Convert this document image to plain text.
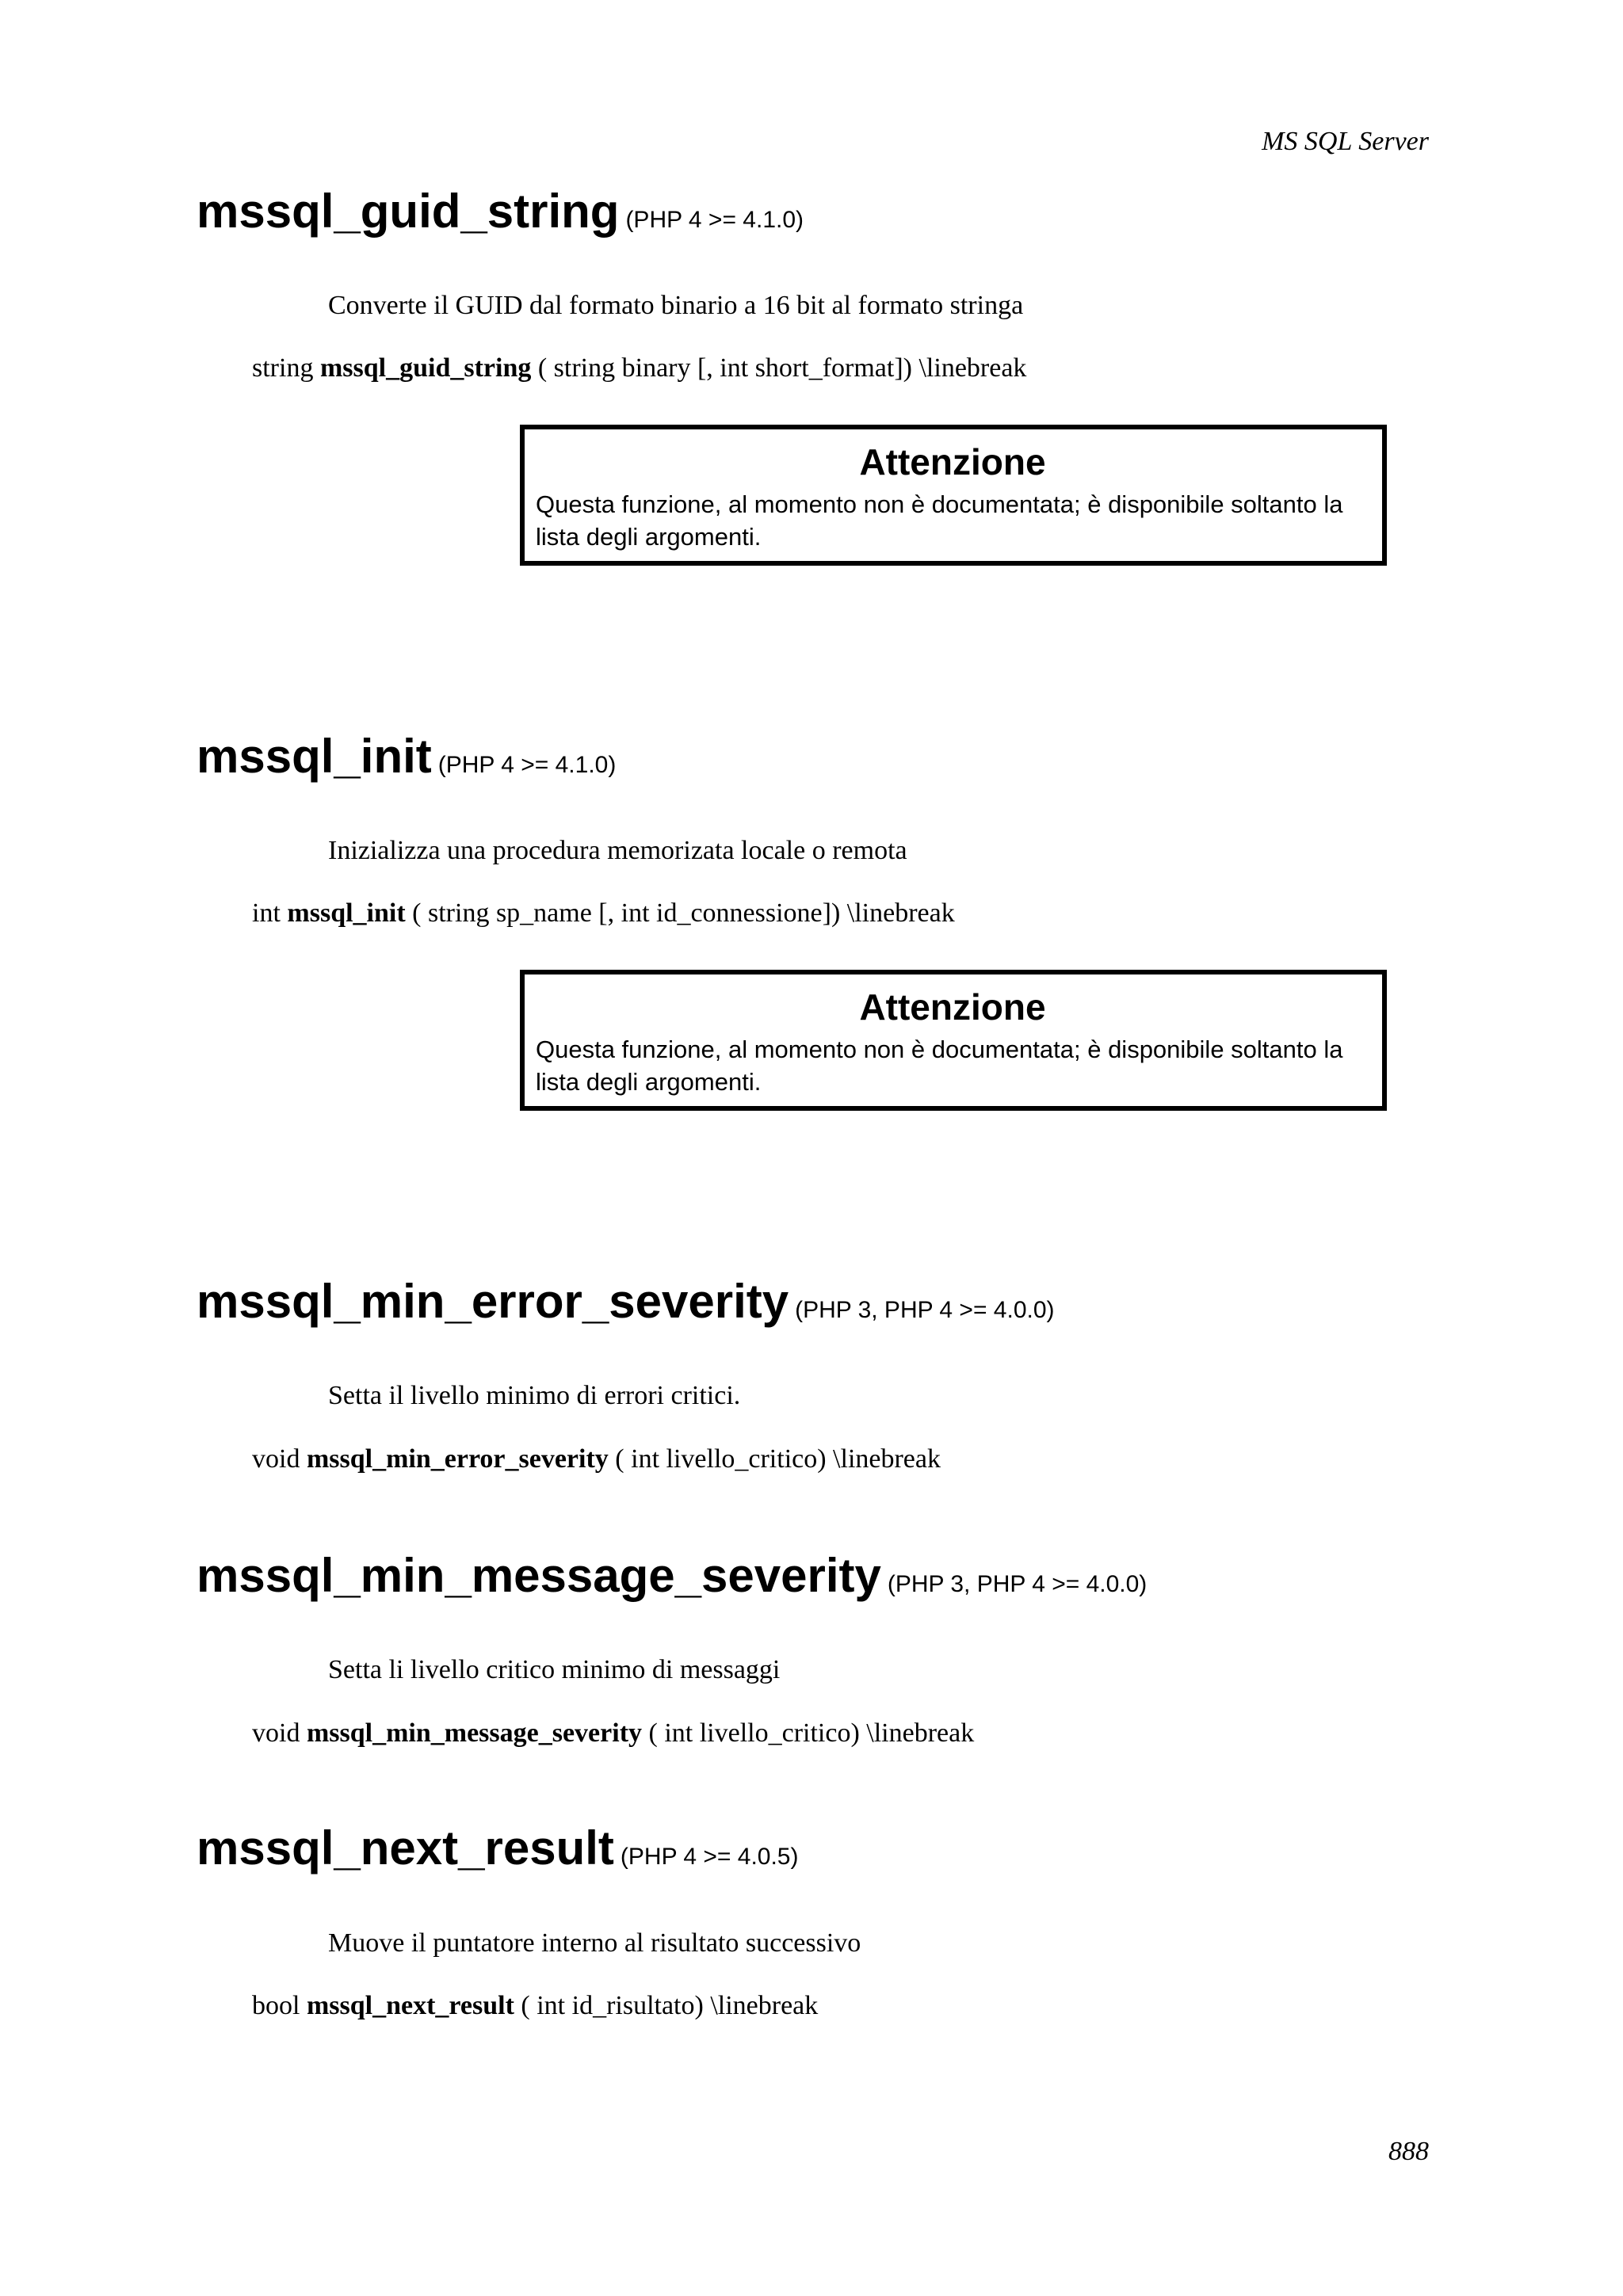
MS SQL Server

mssql_guid_string (PHP 4 >= 4.1.0)

Converte il GUID dal formato binario a 16 bit al formato stringa

string mssql_guid_string ( string binary [, int short_format]) \linebreak

Attenzione

Questa funzione, al momento non è documentata; è disponibile soltanto la lista degli argomenti.

mssql_init (PHP 4 >= 4.1.0)

Inizializza una procedura memorizata locale o remota

int mssql_init ( string sp_name [, int id_connessione]) \linebreak

Attenzione

Questa funzione, al momento non è documentata; è disponibile soltanto la lista degli argomenti.

mssql_min_error_severity (PHP 3, PHP 4 >= 4.0.0)

Setta il livello minimo di errori critici.

void mssql_min_error_severity ( int livello_critico) \linebreak

mssql_min_message_severity (PHP 3, PHP 4 >= 4.0.0)

Setta li livello critico minimo di messaggi

void mssql_min_message_severity ( int livello_critico) \linebreak

mssql_next_result (PHP 4 >= 4.0.5)

Muove il puntatore interno al risultato successivo

bool mssql_next_result ( int id_risultato) \linebreak

888
